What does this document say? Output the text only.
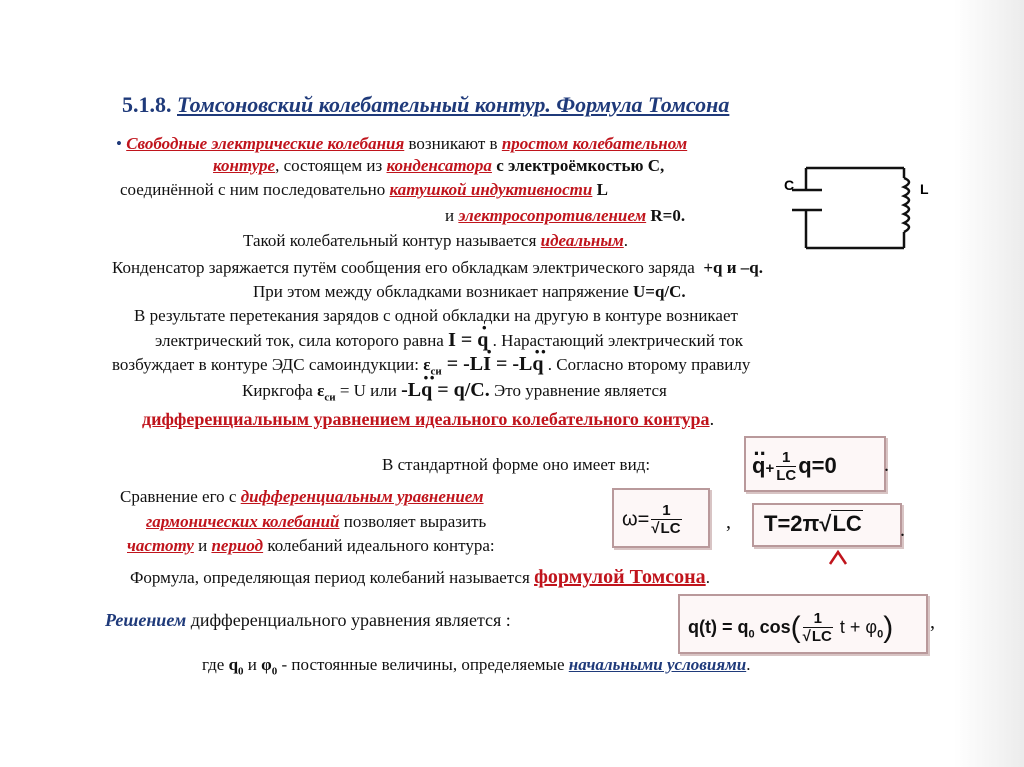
5.1.8. Томсоновский колебательный контур. Формула Томсона
• Свободные электрические колебания возникают в простом колебательном
контуре, состоящем из конденсатора с электроёмкостью C,
соединённой с ним последовательно катушкой индуктивности L
и электросопротивлением R=0.
Такой колебательный контур называется идеальным.
C	L
Конденсатор заряжается путём сообщения его обкладкам электрического заряда +q и –q.
При этом между обкладками возникает напряжение U=q/C.
В результате перетекания зарядов с одной обкладки на другую в контуре возникает
электрический ток, сила которого равна I = · q . Нарастающий электрический ток
возбуждает в контуре ЭДС самоиндукции: $\varepsilon_{си} = -L\cdot I = -L\cdot\cdot q$ . Согласно второму правилу
Киркгофа $\varepsilon_{си} = U$ или -L·· q = q/C. Это уравнение является
дифференциальным уравнением идеального колебательного контура.
В стандартной форме оно имеет вид:
··	$q+ \frac{1}{LC} q=0$ .
Сравнение его с дифференциальным уравнением
гармонических колебаний позволяет выразить
частоту и период колебаний идеального контура:
$\omega= \frac{1}{√LC}$ , T=2π√LC .
Формула, определяющая период колебаний называется формулой Томсона.
Решением дифференциального уравнения является :	$q(t) = q_0$ $\cos( \frac{1}{√LC}$ $t + \varphi_0$) ,
где $q_0$ и $\varphi_0$ - постоянные величины, определяемые начальными условиями.
